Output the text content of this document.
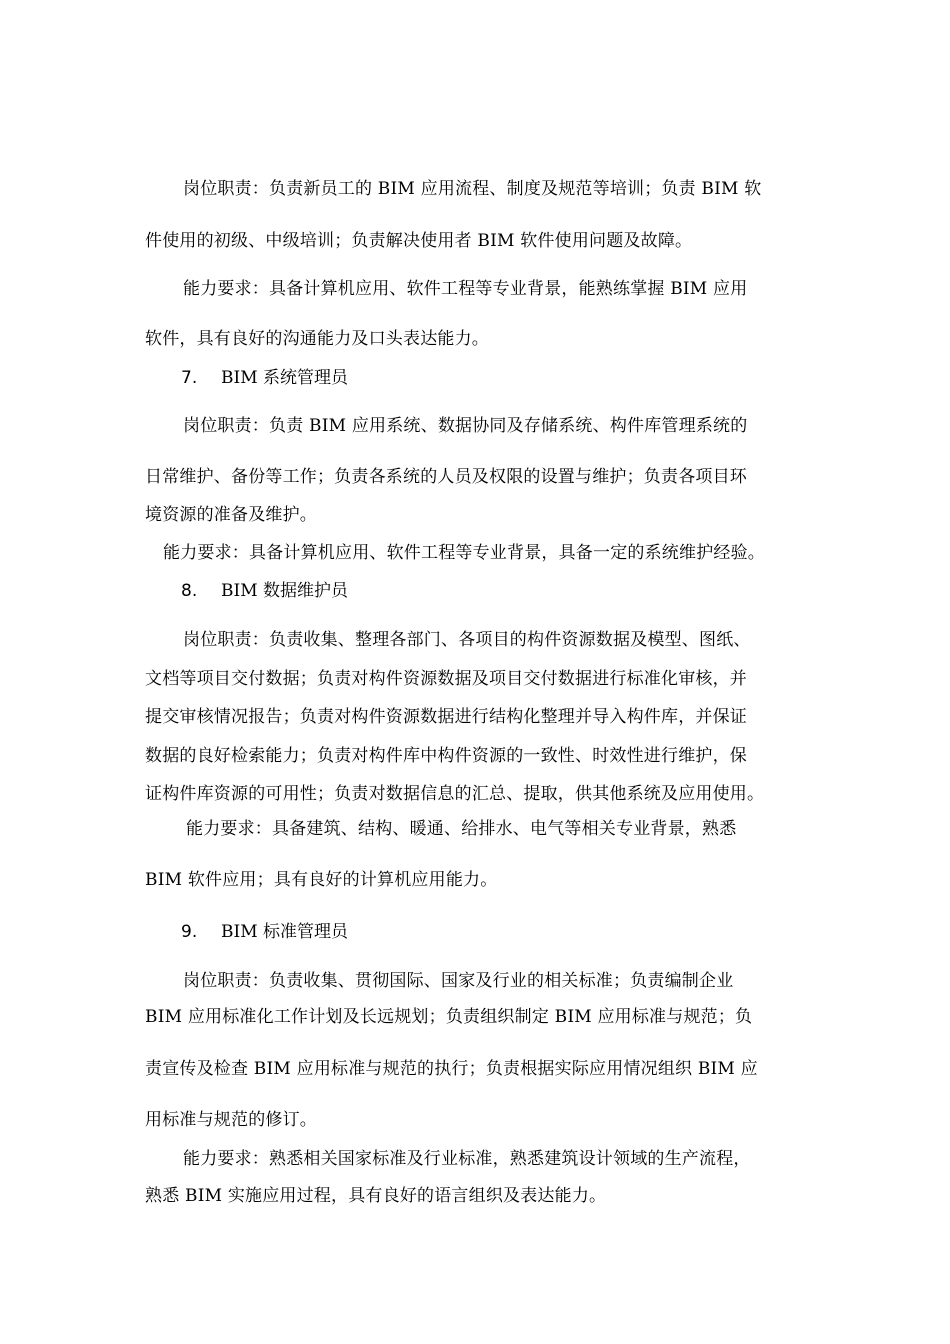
岗位职责：负责新员工的 BIM 应用流程、制度及规范等培训；负责 BIM 软
件使用的初级、中级培训；负责解决使用者 BIM 软件使用问题及故障。
能力要求：具备计算机应用、软件工程等专业背景，能熟练掌握 BIM 应用
软件，具有良好的沟通能力及口头表达能力。
7. BIM 系统管理员
岗位职责：负责 BIM 应用系统、数据协同及存储系统、构件库管理系统的
日常维护、备份等工作；负责各系统的人员及权限的设置与维护；负责各项目环
境资源的准备及维护。
能力要求：具备计算机应用、软件工程等专业背景，具备一定的系统维护经验。
8. BIM 数据维护员
岗位职责：负责收集、整理各部门、各项目的构件资源数据及模型、图纸、
文档等项目交付数据；负责对构件资源数据及项目交付数据进行标准化审核，并
提交审核情况报告；负责对构件资源数据进行结构化整理并导入构件库，并保证
数据的良好检索能力；负责对构件库中构件资源的一致性、时效性进行维护，保
证构件库资源的可用性；负责对数据信息的汇总、提取，供其他系统及应用使用。
能力要求：具备建筑、结构、暖通、给排水、电气等相关专业背景，熟悉
BIM 软件应用；具有良好的计算机应用能力。
9. BIM 标准管理员
岗位职责：负责收集、贯彻国际、国家及行业的相关标准；负责编制企业
BIM 应用标准化工作计划及长远规划；负责组织制定 BIM 应用标准与规范；负
责宣传及检查 BIM 应用标准与规范的执行；负责根据实际应用情况组织 BIM 应
用标准与规范的修订。
能力要求：熟悉相关国家标准及行业标准，熟悉建筑设计领域的生产流程，
熟悉 BIM 实施应用过程，具有良好的语言组织及表达能力。
